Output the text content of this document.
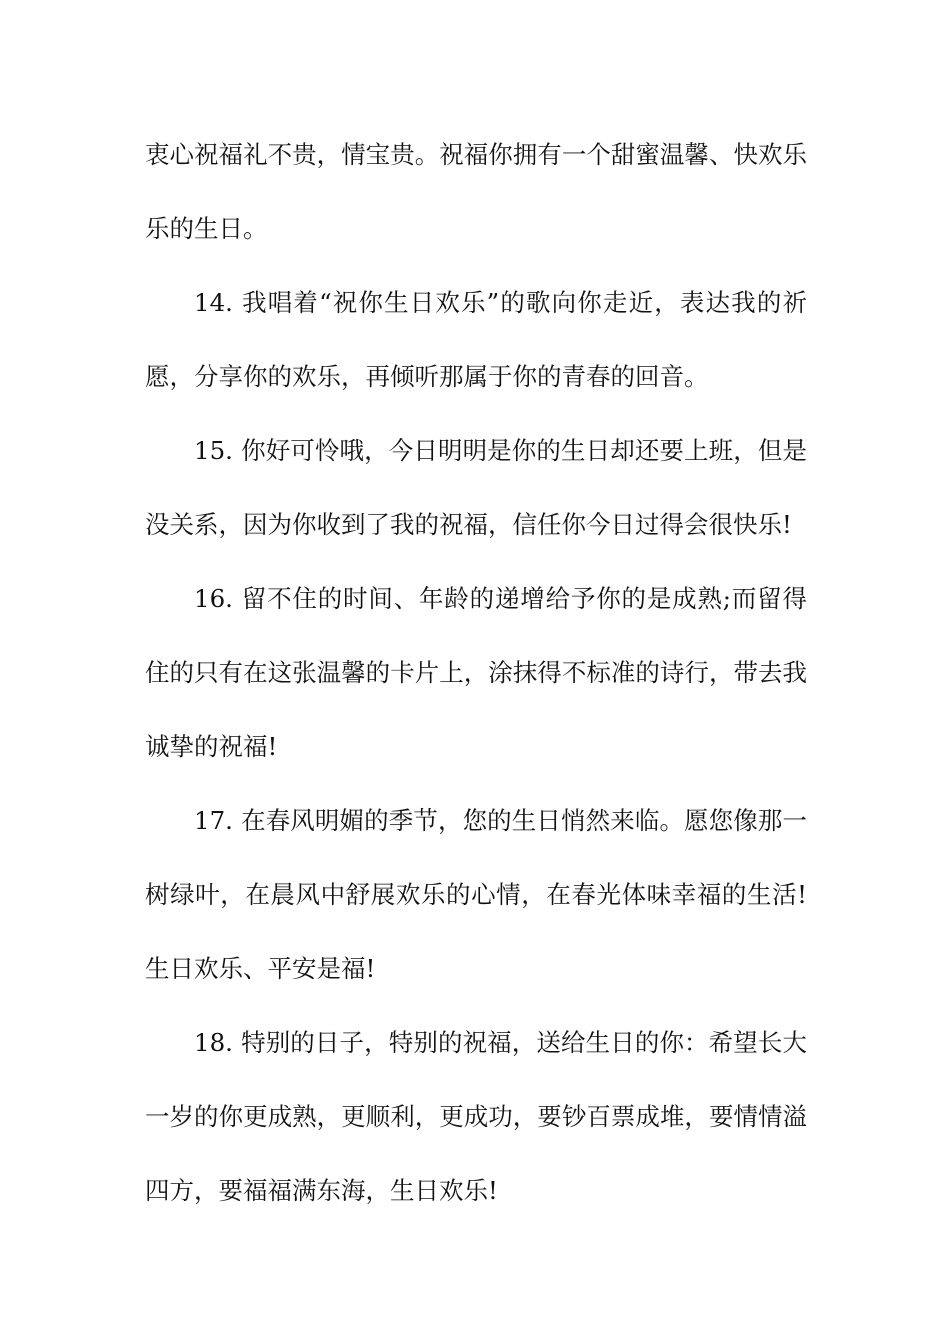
衷心祝福礼不贵，情宝贵。祝福你拥有一个甜蜜温馨、快欢乐乐的生日。

14. 我唱着“祝你生日欢乐”的歌向你走近，表达我的祈愿，分享你的欢乐，再倾听那属于你的青春的回音。

15. 你好可怜哦，今日明明是你的生日却还要上班，但是没关系，因为你收到了我的祝福，信任你今日过得会很快乐!

16. 留不住的时间、年龄的递增给予你的是成熟;而留得住的只有在这张温馨的卡片上，涂抹得不标准的诗行，带去我诚挚的祝福!

17. 在春风明媚的季节，您的生日悄然来临。愿您像那一树绿叶，在晨风中舒展欢乐的心情，在春光体味幸福的生活!生日欢乐、平安是福!

18. 特别的日子，特别的祝福，送给生日的你：希望长大一岁的你更成熟，更顺利，更成功，要钞百票成堆，要情情溢四方，要福福满东海，生日欢乐!
